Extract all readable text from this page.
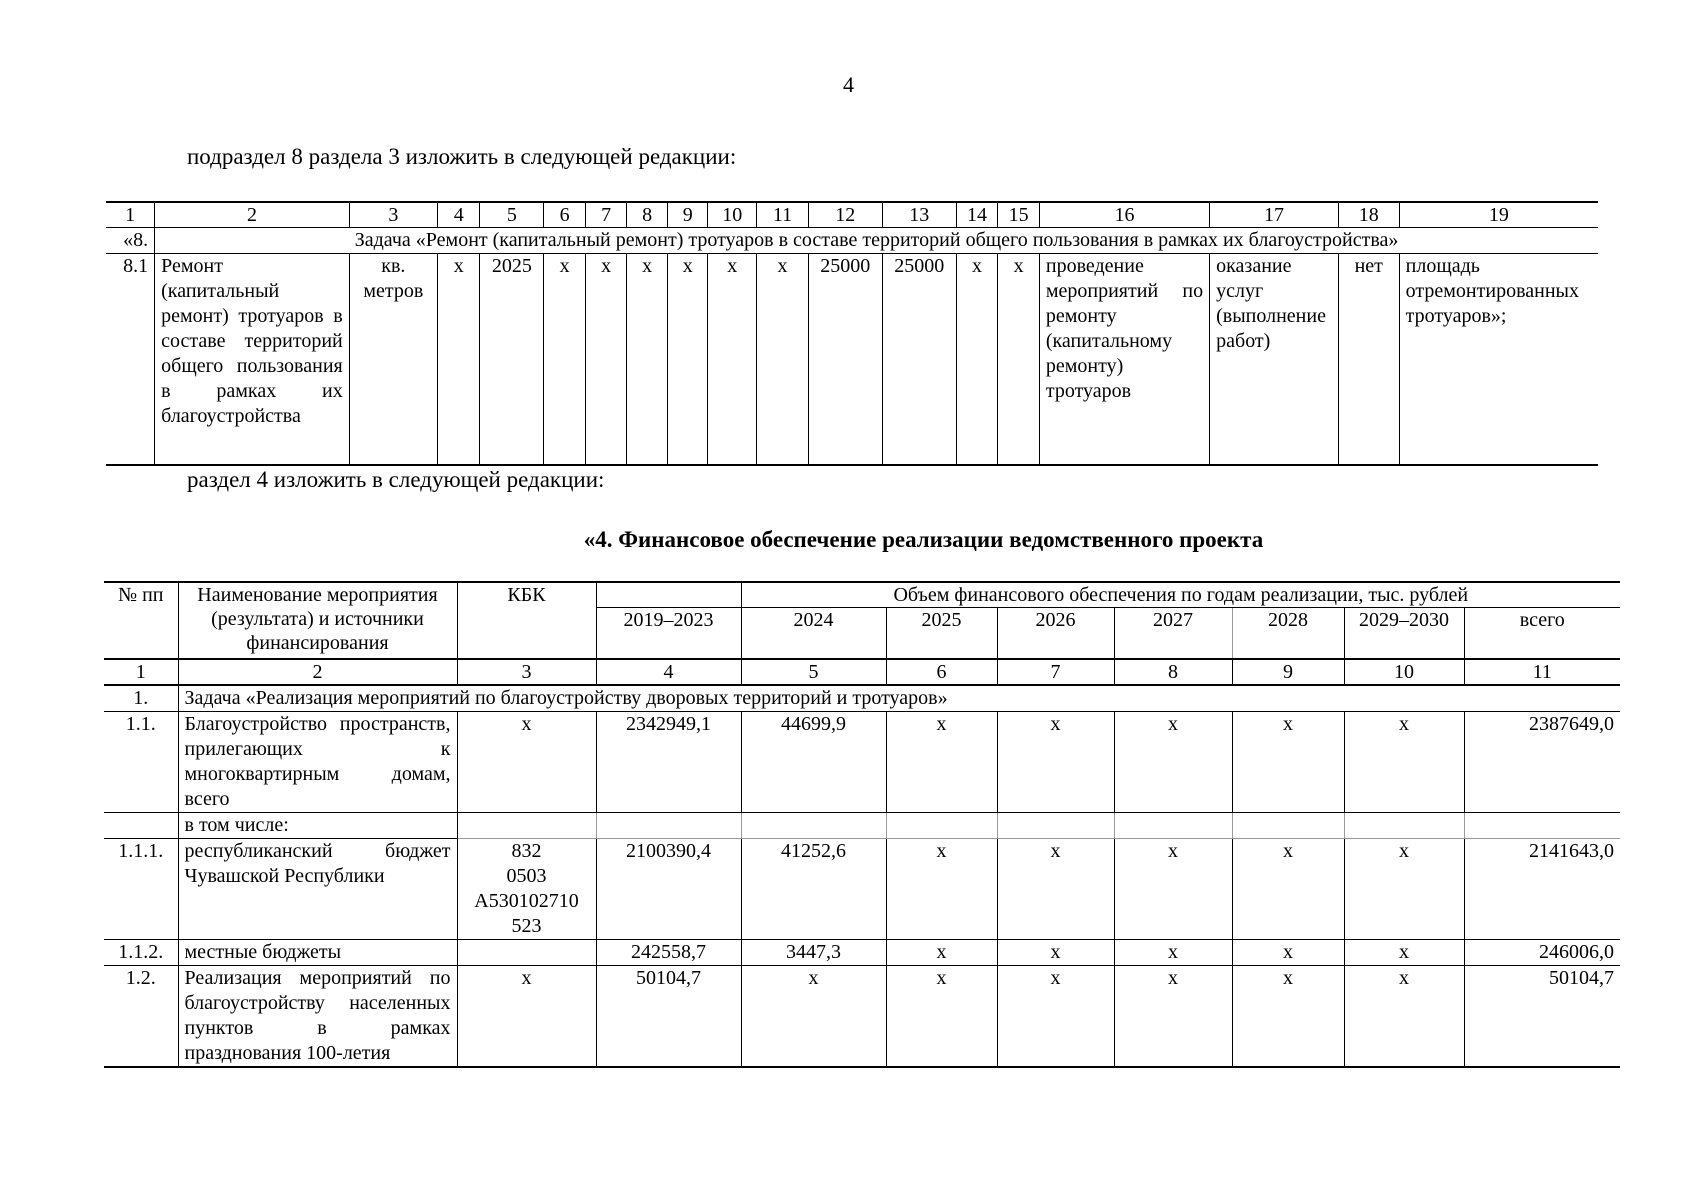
4
подраздел 8 раздела 3 изложить в следующей редакции:
1	2	3	4	5	6	7	8	9	10	11	12	13	14	15	16	17	18	19
«8.	Задача «Ремонт (капитальный ремонт) тротуаров в составе территорий общего пользования в рамках их благоустройства»																	
8.1	Ремонт (капитальный ремонт) тротуаров в составе территорий общего пользования в рамках их благоустройства	кв. метров	х	2025	х	х	х	х	х	х	25000	25000	х	х	проведение мероприятий по ремонту (капитальному ремонту) тротуаров	оказание услуг (выполнение работ)	нет	площадь отремонтированных тротуаров»;
раздел 4 изложить в следующей редакции:
«4. Финансовое обеспечение реализации ведомственного проекта
№ пп	Наименование мероприятия (результата) и источники финансирования	КБК		Объем финансового обеспечения по годам реализации, тыс. рублей						
			2019–2023	2024	2025	2026	2027	2028	2029–2030	всего
1	2	3	4	5	6	7	8	9	10	11
1.	Задача «Реализация мероприятий по благоустройству дворовых территорий и тротуаров»									
1.1.	Благоустройство пространств, прилегающих к многоквартирным домам, всего	х	2342949,1	44699,9	х	х	х	х	х	2387649,0
	в том числе:									
1.1.1.	республиканский бюджет Чувашской Республики	832 0503 А530102710 523	2100390,4	41252,6	х	х	х	х	х	2141643,0
1.1.2.	местные бюджеты		242558,7	3447,3	х	х	х	х	х	246006,0
1.2.	Реализация мероприятий по благоустройству населенных пунктов в рамках празднования 100-летия	х	50104,7	х	х	х	х	х	х	50104,7
